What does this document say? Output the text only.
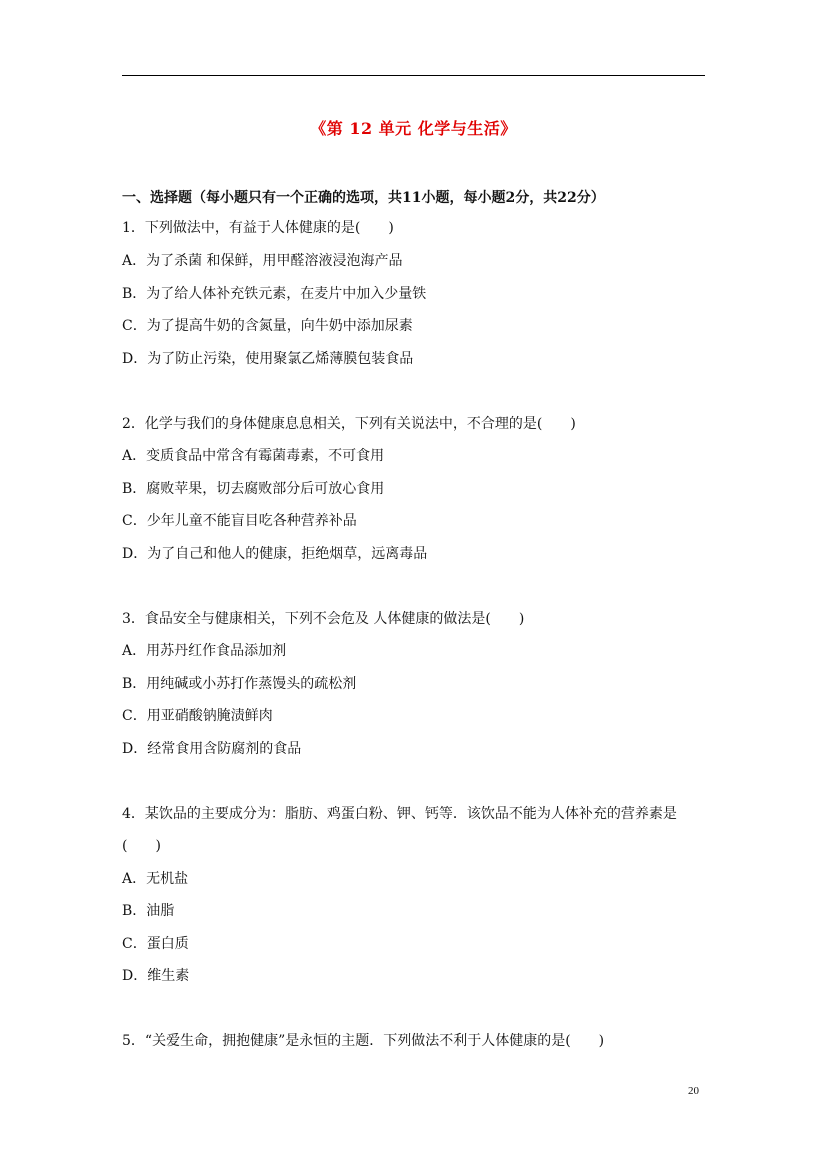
《第 12 单元 化学与生活》

一、选择题（每小题只有一个正确的选项，共11小题，每小题2分，共22分）

1．下列做法中，有益于人体健康的是(　　)

A．为了杀菌 和保鲜，用甲醛溶液浸泡海产品

B．为了给人体补充铁元素，在麦片中加入少量铁

C．为了提高牛奶的含氮量，向牛奶中添加尿素

D．为了防止污染，使用聚氯乙烯薄膜包装食品

2．化学与我们的身体健康息息相关，下列有关说法中，不合理的是(　　)

A．变质食品中常含有霉菌毒素，不可食用

B．腐败苹果，切去腐败部分后可放心食用

C．少年儿童不能盲目吃各种营养补品

D．为了自己和他人的健康，拒绝烟草，远离毒品

3．食品安全与健康相关，下列不会危及 人体健康的做法是(　　)

A．用苏丹红作食品添加剂

B．用纯碱或小苏打作蒸馒头的疏松剂

C．用亚硝酸钠腌渍鲜肉

D．经常食用含防腐剂的食品

4．某饮品的主要成分为：脂肪、鸡蛋白粉、钾、钙等．该饮品不能为人体补充的营养素是

(　　)

A．无机盐

B．油脂

C．蛋白质

D．维生素

5．“关爱生命，拥抱健康”是永恒的主题．下列做法不利于人体健康的是(　　)

20
